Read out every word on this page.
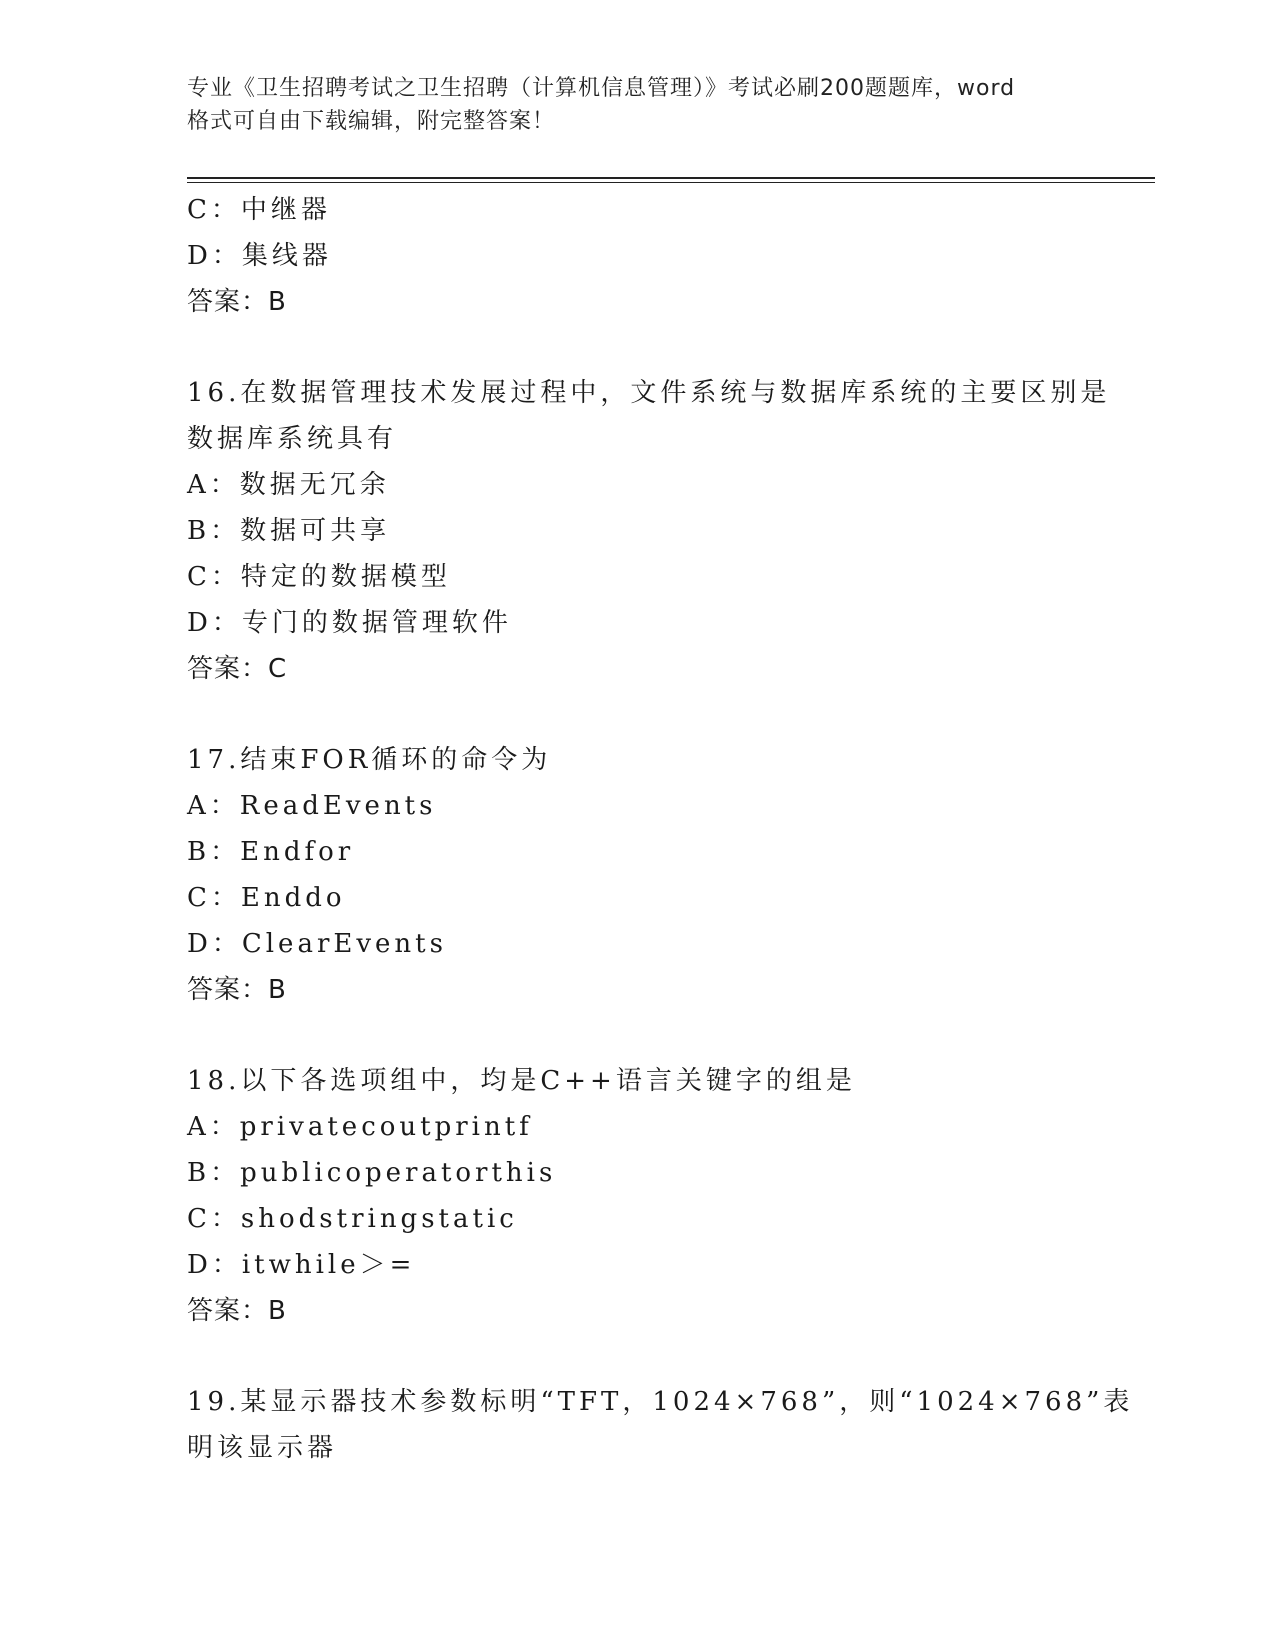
专业《卫生招聘考试之卫生招聘（计算机信息管理）》考试必刷200题题库，word
格式可自由下载编辑，附完整答案！
C：中继器
D：集线器
答案：B
16.在数据管理技术发展过程中，文件系统与数据库系统的主要区别是
数据库系统具有
A：数据无冗余
B：数据可共享
C：特定的数据模型
D：专门的数据管理软件
答案：C
17.结束FOR循环的命令为
A：ReadEvents
B：Endfor
C：Enddo
D：ClearEvents
答案：B
18.以下各选项组中，均是C++语言关键字的组是
A：privatecoutprintf
B：publicoperatorthis
C：shodstringstatic
D：itwhile＞=
答案：B
19.某显示器技术参数标明“TFT，1024×768”，则“1024×768”表
明该显示器
